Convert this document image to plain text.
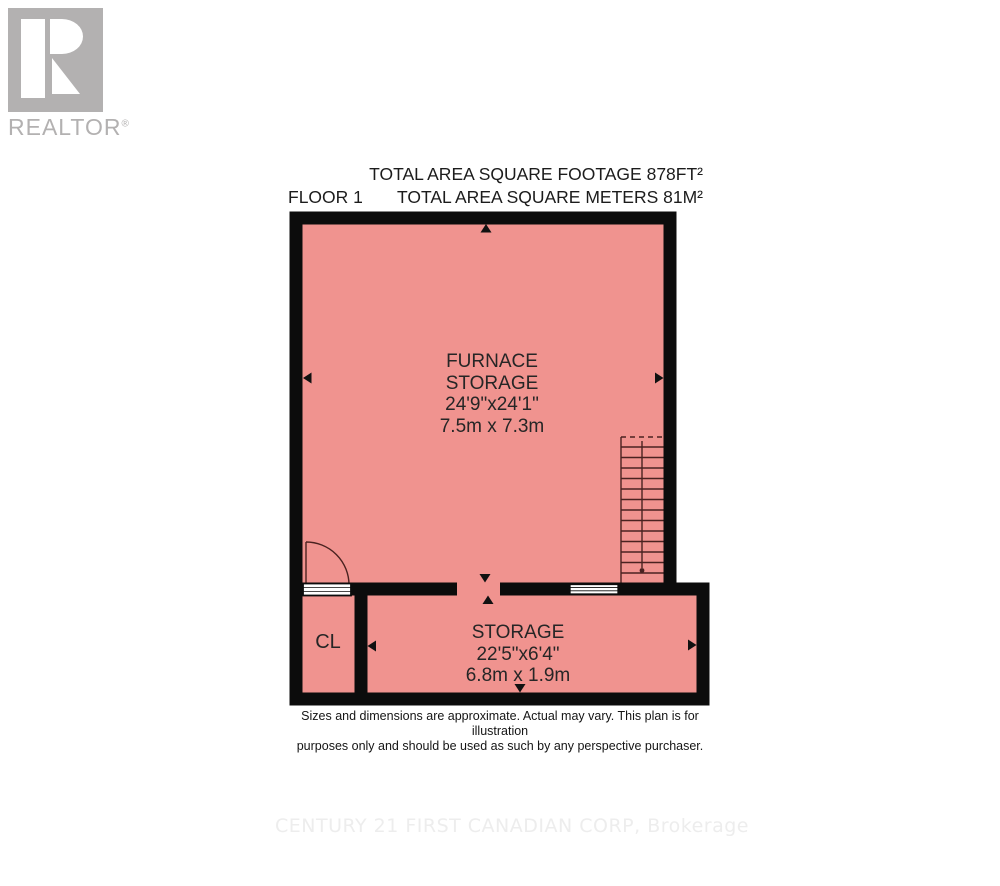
REALTOR®
TOTAL AREA SQUARE FOOTAGE 878FT²
TOTAL AREA SQUARE METERS 81M²
FLOOR 1
FURNACE
STORAGE
24'9"x24'1"
7.5m x 7.3m
CL	STORAGE
22'5"x6'4"
6.8m x 1.9m
Sizes and dimensions are approximate. Actual may vary. This plan is for illustration
purposes only and should be used as such by any perspective purchaser.
CENTURY 21 FIRST CANADIAN CORP, Brokerage
